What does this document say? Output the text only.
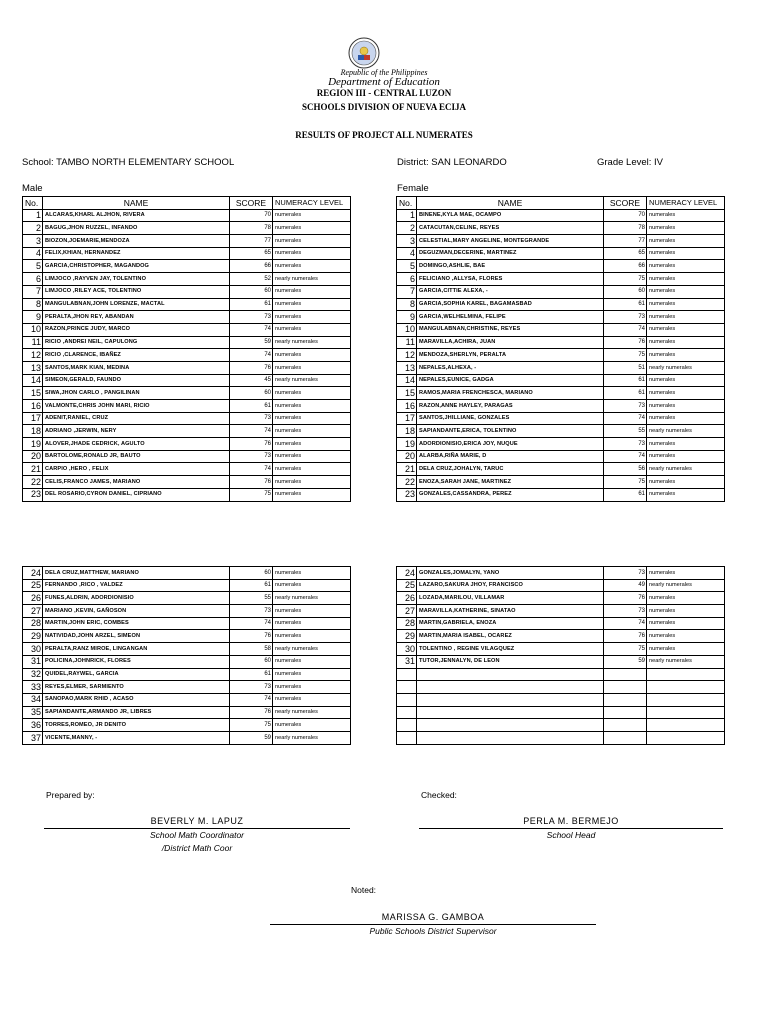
Republic of the Philippines
Department of Education
REGION III - CENTRAL LUZON
SCHOOLS DIVISION OF NUEVA ECIJA
RESULTS OF PROJECT ALL NUMERATES
School: TAMBO NORTH ELEMENTARY SCHOOL	District: SAN LEONARDO	Grade Level: IV
Male	Female
No.	NAME	SCORE	NUMERACY LEVEL
1	ALCARAS,KHARL ALJHON, RIVERA	70	numerales
2	BAGUG,JHON RUZZEL, INFANDO	78	numerales
3	BIOZON,JOEMARIE,MENDOZA	77	numerales
4	FELIX,KHIAN, HERNANDEZ	65	numerales
5	GARCIA,CHRISTOPHER, MAGANDOG	66	numerales
6	LIMJOCO ,RAYVEN JAY, TOLENTINO	52	nearly numerales
7	LIMJOCO ,RILEY ACE, TOLENTINO	60	numerales
8	MANGULABNAN,JOHN LORENZE, MACTAL	61	numerales
9	PERALTA,JHON REY, ABANDAN	73	numerales
10	RAZON,PRINCE JUDY, MARCO	74	numerales
11	RICIO ,ANDREI NEIL, CAPULONG	59	nearly numerales
12	RICIO ,CLARENCE, IBAÑEZ	74	numerales
13	SANTOS,MARK KIAN, MEDINA	76	numerales
14	SIMEON,GERALD, FAUNDO	45	nearly numerales
15	SIWA,JHON CARLO , PANGILINAN	60	numerales
16	VALMONTE,CHRIS JOHN MARI, RICIO	61	numerales
17	ADENIT,RANIEL, CRUZ	73	numerales
18	ADRIANO ,JERWIN, NERY	74	numerales
19	ALOVER,JHADE CEDRICK, AGULTO	76	numerales
20	BARTOLOME,RONALD JR, BAUTO	73	numerales
21	CARPIO ,HERO , FELIX	74	numerales
22	CELIS,FRANCO JAMES, MARIANO	76	numerales
23	DEL ROSARIO,CYRON DANIEL, CIPRIANO	75	numerales
No.	NAME	SCORE	NUMERACY LEVEL
1	BINENE,KYLA MAE, OCAMPO	70	numerales
2	CATACUTAN,CELINE, REYES	78	numerales
3	CELESTIAL,MARY ANGELINE, MONTEGRANDE	77	numerales
4	DEGUZMAN,DECERINE, MARTINEZ	65	numerales
5	DOMINGO,ASHLIE, BAE	66	numerales
6	FELICIANO ,ALLYSA, FLORES	75	numerales
7	GARCIA,CITTIE ALEXA, -	60	numerales
8	GARCIA,SOPHIA KAREL, BAGAMASBAD	61	numerales
9	GARCIA,WELHELMINA, FELIPE	73	numerales
10	MANGULABNAN,CHRISTINE, REYES	74	numerales
11	MARAVILLA,ACHIRA, JUAN	76	numerales
12	MENDOZA,SHERLYN, PERALTA	75	numerales
13	NEPALES,ALHEXA, -	51	nearly numerales
14	NEPALES,EUNICE, GADGA	61	numerales
15	RAMOS,MARIA FRENCHESCA, MARIANO	61	numerales
16	RAZON,ANNE HAYLEY, PARAGAS	73	numerales
17	SANTOS,JHILLIANE, GONZALES	74	numerales
18	SAPIANDANTE,ERICA, TOLENTINO	55	nearly numerales
19	ADORDIONISIO,ERICA JOY, NUQUE	73	numerales
20	ALARBA,RIÑA MARIE, D	74	numerales
21	DELA CRUZ,JOHALYN, TARUC	56	nearly numerales
22	ENOZA,SARAH JANE, MARTINEZ	75	numerales
23	GONZALES,CASSANDRA, PEREZ	61	numerales
24	DELA CRUZ,MATTHEW, MARIANO	60	numerales
25	FERNANDO ,RICO , VALDEZ	61	numerales
26	FUNES,ALDRIN, ADORDIONISIO	55	nearly numerales
27	MARIANO ,KEVIN, GAÑOSON	73	numerales
28	MARTIN,JOHN ERIC, COMBES	74	numerales
29	NATIVIDAD,JOHN ARZEL, SIMEON	76	numerales
30	PERALTA,RANZ MIROE, LINGANGAN	58	nearly numerales
31	POLICINA,JOHNRICK, FLORES	60	numerales
32	QUIDEL,RAYWEL, GARCIA	61	numerales
33	REYES,ELMER, SARMIENTO	73	numerales
34	SANOPAO,MARK RHID , ACASO	74	numerales
35	SAPIANDANTE,ARMANDO JR, LIBRES	76	nearly numerales
36	TORRES,ROMEO, JR DENITO	75	numerales
37	VICENTE,MANNY, -	59	nearly numerales
24	GONZALES,JOMALYN, YANO	73	numerales
25	LAZARO,SAKURA JHOY, FRANCISCO	49	nearly numerales
26	LOZADA,MARILOU, VILLAMAR	76	numerales
27	MARAVILLA,KATHERINE, SINATAO	73	numerales
28	MARTIN,GABRIELA, ENOZA	74	numerales
29	MARTIN,MARIA ISABEL, OCAREZ	76	numerales
30	TOLENTINO , REGINE VILAGQUEZ	75	numerales
31	TUTOR,JENNALYN, DE LEON	59	nearly numerales

Prepared by:
BEVERLY M. LAPUZ
School Math Coordinator
/District Math Coor
Checked:
PERLA M. BERMEJO
School Head
Noted:
MARISSA G. GAMBOA
Public Schools District Supervisor
